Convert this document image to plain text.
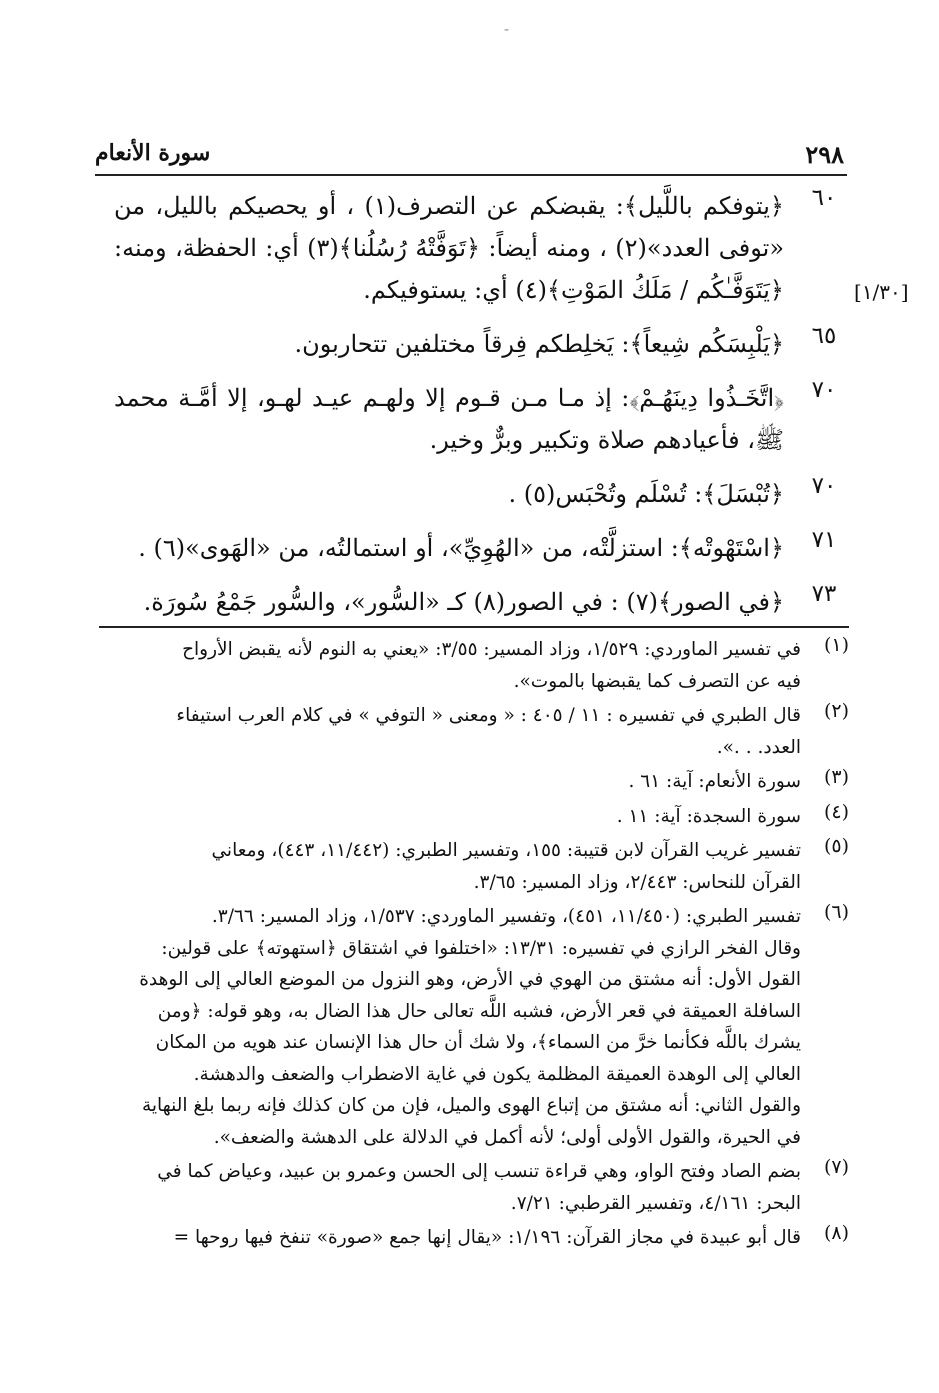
-
٢٩٨
سورة الأنعام
[١/٣٠]
٦٠
﴿يتوفكم باللَّيل﴾: يقبضكم عن التصرف(١) ، أو يحصيكم بالليل، من «توفى العدد»(٢) ، ومنه أيضاً: ﴿تَوَفَّتْهُ رُسُلُنا﴾(٣) أي: الحفظة، ومنه: ﴿يَتَوَفَّـٰكُم / مَلَكُ المَوْتِ﴾(٤) أي: يستوفيكم.
٦٥
﴿يَلْبِسَكُم شِيعاً﴾: يَخلِطكم فِرقاً مختلفين تتحاربون.
٧٠
﴿اتَّخَـذُوا دِينَهُـمْ﴾: إذ مـا مـن قـوم إلا ولهـم عيـد لهـو، إلا أمَّـة محمد ﷺ، فأعيادهم صلاة وتكبير وبرٌّ وخير.
٧٠
﴿تُبْسَلَ﴾: تُسْلَم وتُحْبَس(٥) .
٧١
﴿اسْتَهْوتْه﴾: استزلَّتْه، من «الهُوِيِّ»، أو استمالتُه، من «الهَوى»(٦) .
٧٣
﴿في الصور﴾(٧) : في الصور(٨) كـ «السُّور»، والسُّور جَمْعُ سُورَة.
(١)
في تفسير الماوردي: ١/٥٢٩، وزاد المسير: ٣/٥٥: «يعني به النوم لأنه يقبض الأرواح
فيه عن التصرف كما يقبضها بالموت».
(٢)
قال الطبري في تفسيره : ١١ / ٤٠٥ : « ومعنى « التوفي » في كلام العرب استيفاء
العدد. . .».
(٣)
سورة الأنعام: آية: ٦١ .
(٤)
سورة السجدة: آية: ١١ .
(٥)
تفسير غريب القرآن لابن قتيبة: ١٥٥، وتفسير الطبري: (١١/٤٤٢، ٤٤٣)، ومعاني
القرآن للنحاس: ٢/٤٤٣، وزاد المسير: ٣/٦٥.
(٦)
تفسير الطبري: (١١/٤٥٠، ٤٥١)، وتفسير الماوردي: ١/٥٣٧، وزاد المسير: ٣/٦٦.
وقال الفخر الرازي في تفسيره: ١٣/٣١: «اختلفوا في اشتقاق ﴿استهوته﴾ على قولين:
القول الأول: أنه مشتق من الهوي في الأرض، وهو النزول من الموضع العالي إلى الوهدة
السافلة العميقة في قعر الأرض، فشبه اللَّه تعالى حال هذا الضال به، وهو قوله: ﴿ومن
يشرك باللَّه فكأنما خرَّ من السماء﴾، ولا شك أن حال هذا الإنسان عند هويه من المكان
العالي إلى الوهدة العميقة المظلمة يكون في غاية الاضطراب والضعف والدهشة.
والقول الثاني: أنه مشتق من إتباع الهوى والميل، فإن من كان كذلك فإنه ربما بلغ النهاية
في الحيرة، والقول الأولى أولى؛ لأنه أكمل في الدلالة على الدهشة والضعف».
(٧)
بضم الصاد وفتح الواو، وهي قراءة تنسب إلى الحسن وعمرو بن عبيد، وعياض كما في
البحر: ٤/١٦١، وتفسير القرطبي: ٧/٢١.
(٨)
قال أبو عبيدة في مجاز القرآن: ١/١٩٦: «يقال إنها جمع «صورة» تنفخ فيها روحها =
